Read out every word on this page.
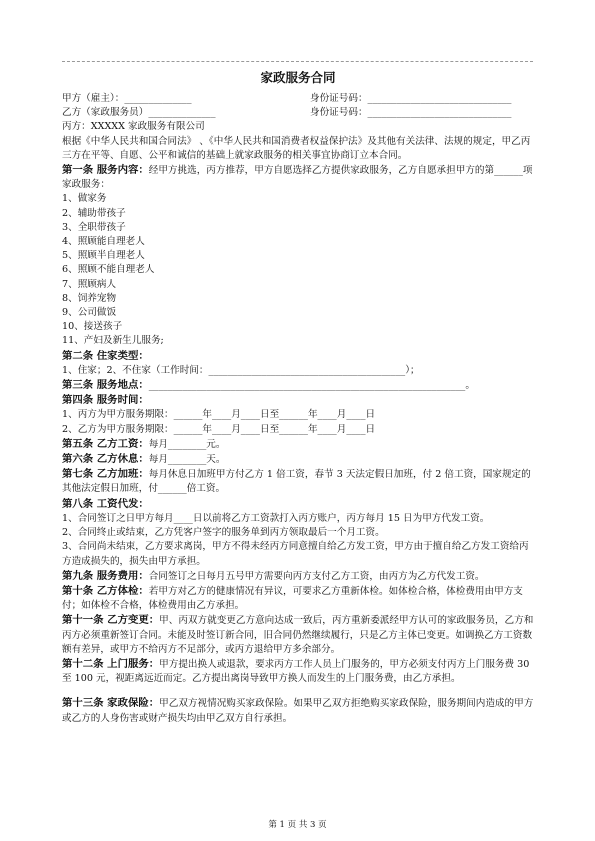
家政服务合同
甲方（雇主）：______________	身份证号码：______________________________
乙方（家政服务员）______________	身份证号码：______________________________

丙方：XXXXX 家政服务有限公司

根据《中华人民共和国合同法》 、《中华人民共和国消费者权益保护法》及其他有关法律、法规的规定，甲乙丙三方在平等、自愿、公平和诚信的基础上就家政服务的相关事宜协商订立本合同。

第一条 服务内容：经甲方挑选，丙方推荐，甲方自愿选择乙方提供家政服务，乙方自愿承担甲方的第______项家政服务：

1、做家务

2、辅助带孩子

3、全职带孩子

4、照顾能自理老人

5、照顾半自理老人

6、照顾不能自理老人

7、照顾病人

8、饲养宠物

9、公司做饭

10、接送孩子

11、产妇及新生儿服务;

第二条 住家类型：

1、住家；2、不住家（工作时间：_________________________________________）；

第三条 服务地点：__________________________________________________________________。

第四条 服务时间：

1、丙方为甲方服务期限：______年____月____日至______年____月____日

2、乙方为甲方服务期限：______年____月____日至______年____月____日

第五条 乙方工资：每月________元。

第六条 乙方休息：每月________天。

第七条 乙方加班：每月休息日加班甲方付乙方 1 倍工资，春节 3 天法定假日加班，付 2 倍工资，国家规定的其他法定假日加班，付______倍工资。

第八条 工资代发：

1、合同签订之日甲方每月____日以前将乙方工资款打入丙方账户，丙方每月 15 日为甲方代发工资。

2、合同终止或结束，乙方凭客户签字的服务单到丙方领取最后一个月工资。

3、合同尚未结束，乙方要求离岗，甲方不得未经丙方同意擅自给乙方发工资，甲方由于擅自给乙方发工资给丙方造成损失的，损失由甲方承担。

第九条 服务费用：合同签订之日每月五号甲方需要向丙方支付乙方工资，由丙方为乙方代发工资。

第十条 乙方体检：若甲方对乙方的健康情况有异议，可要求乙方重新体检。如体检合格，体检费用由甲方支付；如体检不合格，体检费用由乙方承担。

第十一条 乙方变更：甲、丙双方就变更乙方意向达成一致后，丙方重新委派经甲方认可的家政服务员，乙方和丙方必须重新签订合同。未能及时签订新合同，旧合同仍然继续履行，只是乙方主体已变更。如调换乙方工资数额有差异，或甲方不给丙方不足部分，或丙方退给甲方多余部分。

第十二条 上门服务：甲方提出换人或退款，要求丙方工作人员上门服务的，甲方必须支付丙方上门服务费 30 至 100 元，视距离远近而定。乙方提出离岗导致甲方换人而发生的上门服务费，由乙方承担。

第十三条 家政保险：甲乙双方视情况购买家政保险。如果甲乙双方拒绝购买家政保险，服务期间内造成的甲方或乙方的人身伤害或财产损失均由甲乙双方自行承担。

第 1 页 共 3 页
